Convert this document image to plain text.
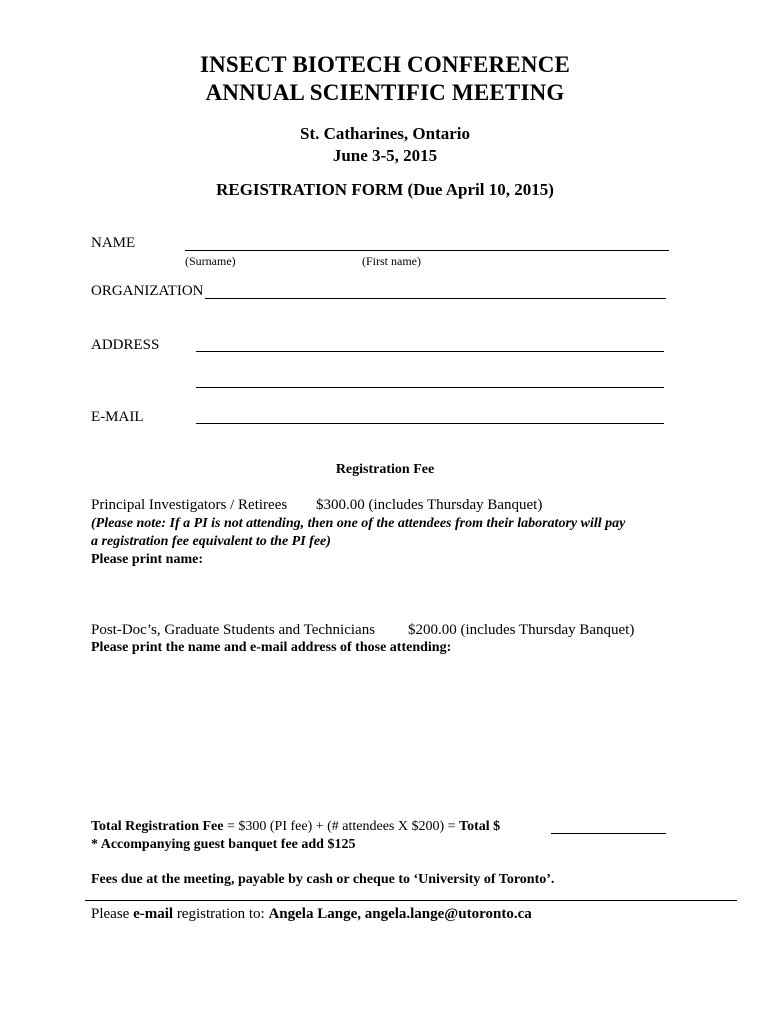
INSECT BIOTECH CONFERENCE
ANNUAL SCIENTIFIC MEETING
St. Catharines, Ontario
June 3-5, 2015
REGISTRATION FORM (Due April 10, 2015)
NAME
(Surname)	(First name)
ORGANIZATION
ADDRESS
E-MAIL
Registration Fee
Principal Investigators / Retirees $300.00 (includes Thursday Banquet)
(Please note: If a PI is not attending, then one of the attendees from their laboratory will pay
a registration fee equivalent to the PI fee)
Please print name:
Post-Doc’s, Graduate Students and Technicians $200.00 (includes Thursday Banquet)
Please print the name and e-mail address of those attending:
Total Registration Fee = $300 (PI fee) + (# attendees X $200) = Total $
* Accompanying guest banquet fee add $125
Fees due at the meeting, payable by cash or cheque to ‘University of Toronto’.
Please e-mail registration to: Angela Lange, angela.lange@utoronto.ca
